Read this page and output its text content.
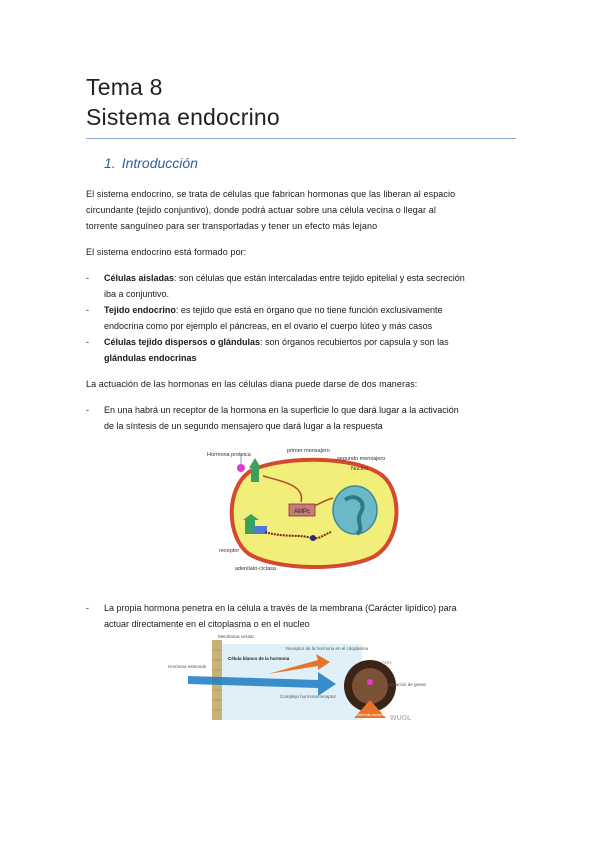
Tema 8
Sistema endocrino
1. Introducción
El sistema endocrino, se trata de células que fabrican hormonas que las liberan al espacio
circundante (tejido conjuntivo), donde podrá actuar sobre una célula vecina o llegar al
torrente sanguíneo para ser transportadas y tener un efecto más lejano
El sistema endocrino está formado por:
- Células aisladas: son células que están intercaladas entre tejido epitelial y esta secreción
iba a conjuntivo.
- Tejido endocrino: es tejido que está en órgano que no tiene función exclusivamente
endocrina como por ejemplo el páncreas, en el ovario el cuerpo lúteo y más casos
- Células tejido dispersos o glándulas: son órganos recubiertos por capsula y son las
glándulas endocrinas
La actuación de las hormonas en las células diana puede darse de dos maneras:
- En una habrá un receptor de la hormona en la superficie lo que dará lugar a la activación
de la síntesis de un segundo mensajero que dará lugar a la respuesta
AMPc
Hormona proteica
primer mensajero
segundo mensajero
Núcleo
receptor
adenilato-ciclasa
- La propia hormona penetra en la célula a través de la membrana (Carácter lipídico) para
actuar directamente en el citoplasma o en el nucleo
Membrana celular
Hormona esteroide
Célula blanco de la hormona
Receptor de la hormona en el citoplasma
Complejo hormona-receptor
ADN
Activación de genes
Proteínas inducidas por la hormona
WUOL
